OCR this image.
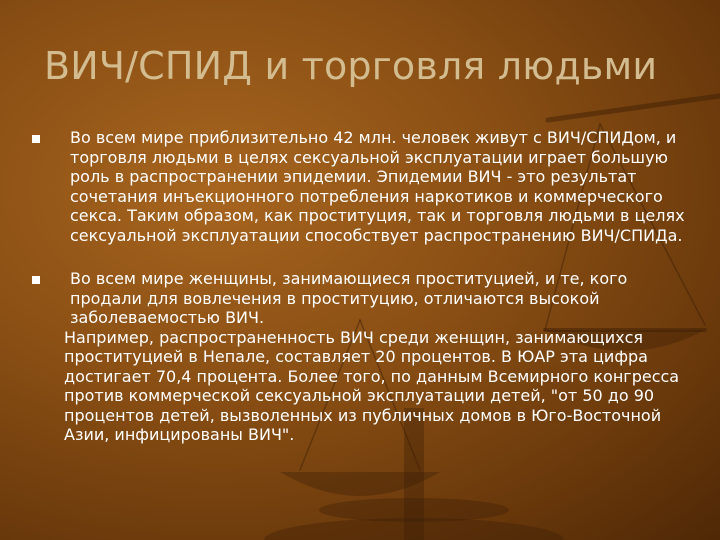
ВИЧ/СПИД и торговля людьми
Во всем мире приблизительно 42 млн. человек живут с ВИЧ/СПИДом, и торговля людьми в целях сексуальной эксплуатации играет большую роль в распространении эпидемии. Эпидемии ВИЧ - это результат сочетания инъекционного потребления наркотиков и коммерческого секса. Таким образом, как проституция, так и торговля людьми в целях сексуальной эксплуатации способствует распространению ВИЧ/СПИДа.
Во всем мире женщины, занимающиеся проституцией, и те, кого продали для вовлечения в проституцию, отличаются высокой заболеваемостью ВИЧ.
Например, распространенность ВИЧ среди женщин, занимающихся проституцией в Непале, составляет 20 процентов. В ЮАР эта цифра достигает 70,4 процента. Более того, по данным Всемирного конгресса против коммерческой сексуальной эксплуатации детей, "от 50 до 90 процентов детей, вызволенных из публичных домов в Юго-Восточной Азии, инфицированы ВИЧ".
